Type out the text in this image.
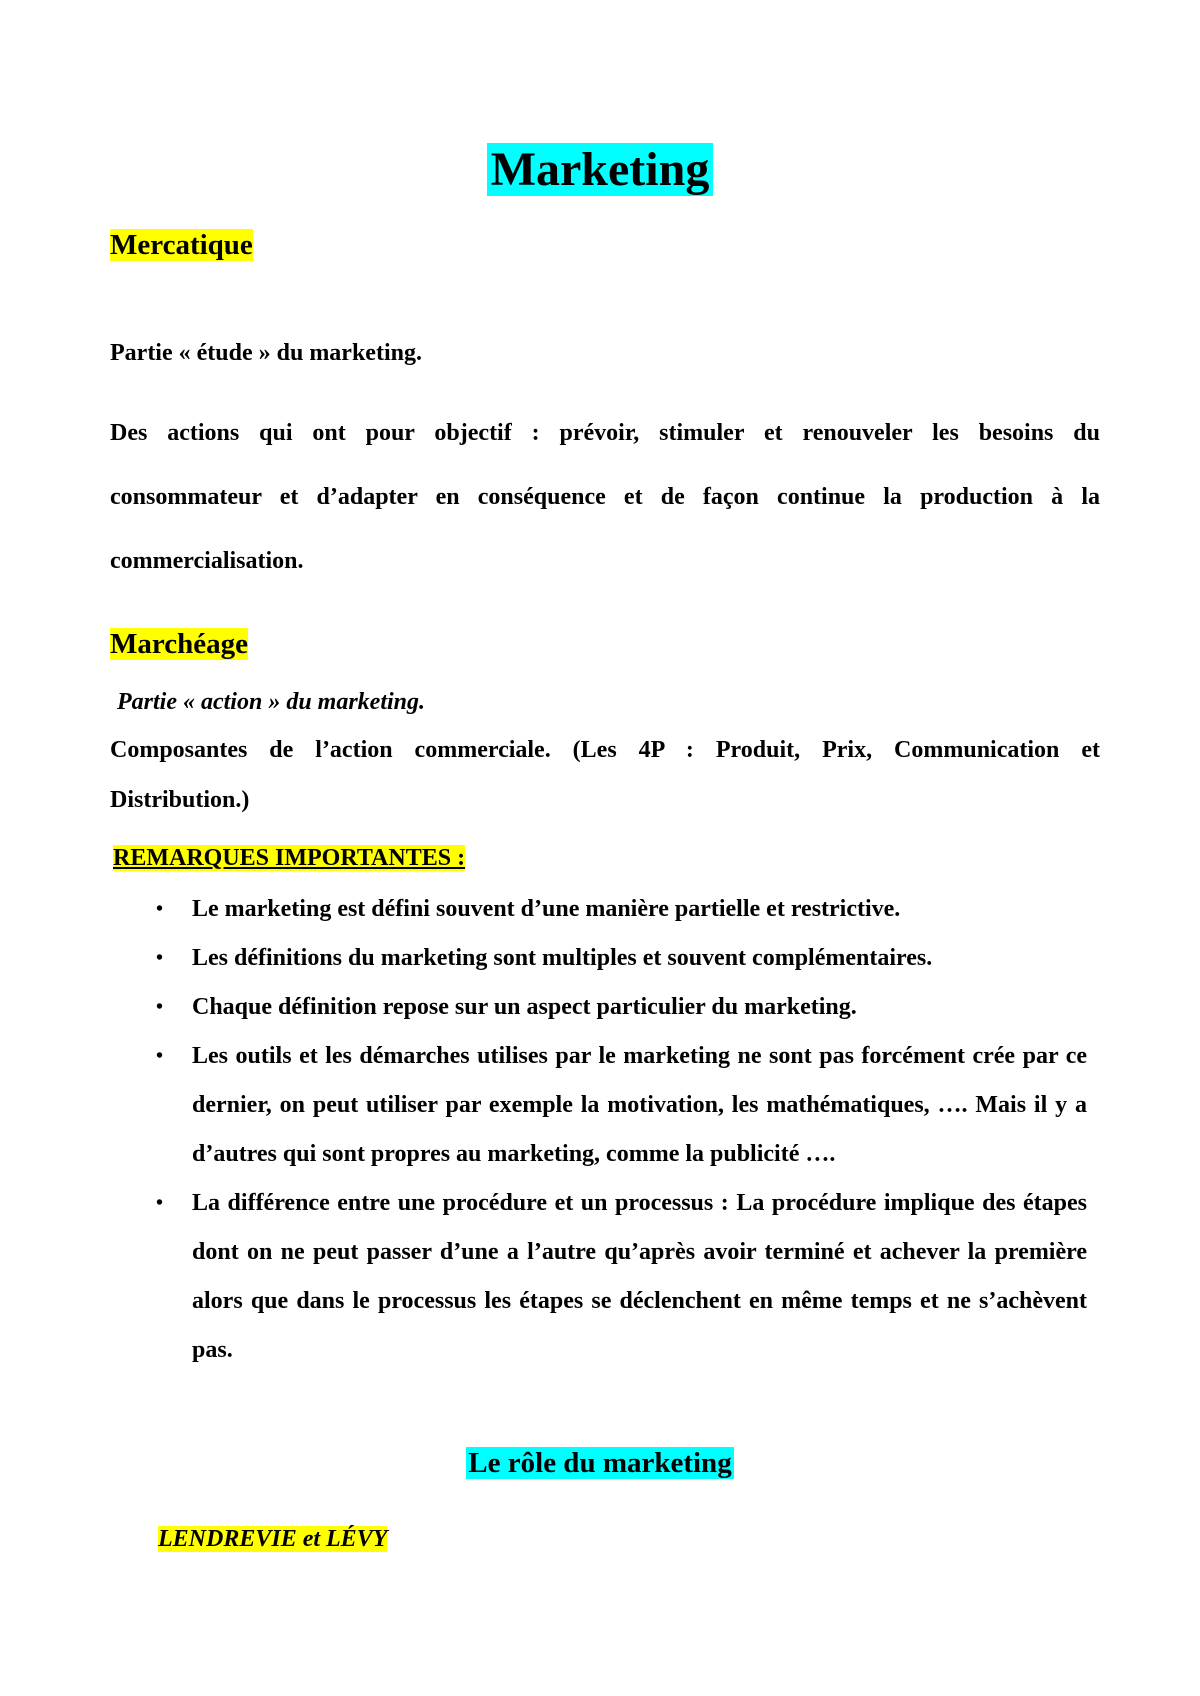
Marketing
Mercatique

Partie « étude » du marketing.

Des actions qui ont pour objectif : prévoir, stimuler et renouveler les besoins du

consommateur et d’adapter en conséquence et de façon continue la production à la

commercialisation.

Marchéage

Partie « action » du marketing.

Composantes de l’action commerciale. (Les 4P : Produit, Prix, Communication et

Distribution.)

REMARQUES IMPORTANTES :
• Le marketing est défini souvent d’une manière partielle et restrictive.
• Les définitions du marketing sont multiples et souvent complémentaires.
• Chaque définition repose sur un aspect particulier du marketing.
• Les outils et les démarches utilises par le marketing ne sont pas forcément crée par ce dernier, on peut utiliser par exemple la motivation, les mathématiques, …. Mais il y a d’autres qui sont propres au marketing, comme la publicité ….
• La différence entre une procédure et un processus : La procédure implique des étapes dont on ne peut passer d’une a l’autre qu’après avoir terminé et achever la première alors que dans le processus les étapes se déclenchent en même temps et ne s’achèvent pas.
Le rôle du marketing
LENDREVIE et LÉVY
